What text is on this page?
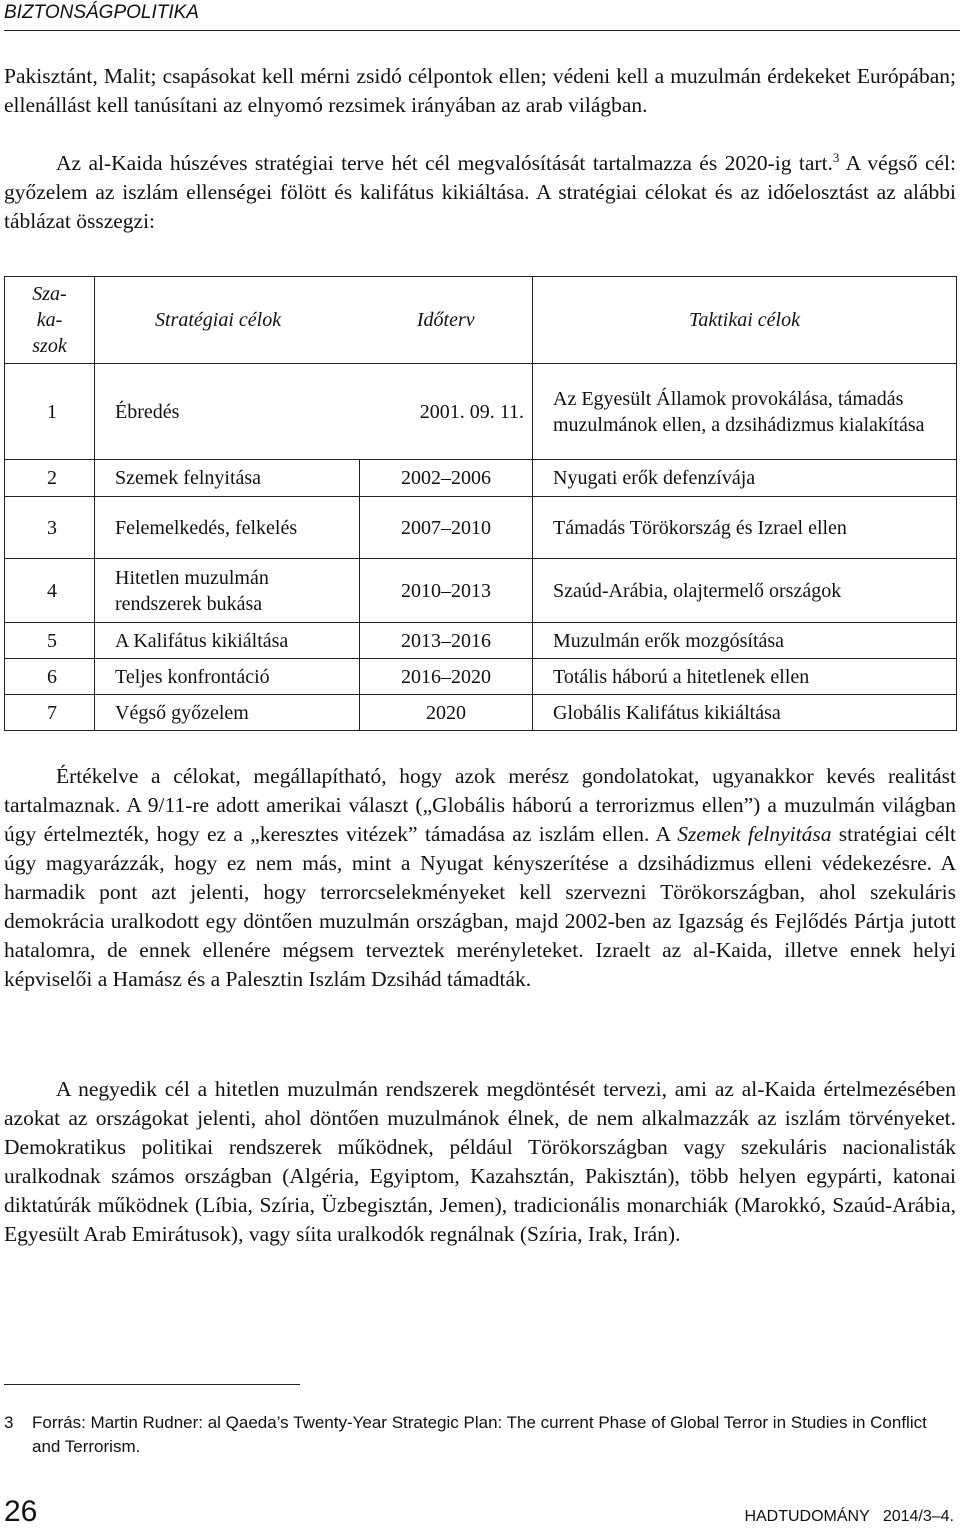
BIZTONSÁGPOLITIKA
Pakisztánt, Malit; csapásokat kell mérni zsidó célpontok ellen; védeni kell a muzulmán érdekeket Európában; ellenállást kell tanúsítani az elnyomó rezsimek irányában az arab világban.
Az al-Kaida húszéves stratégiai terve hét cél megvalósítását tartalmazza és 2020-ig tart.$^3$ A végső cél: győzelem az iszlám ellenségei fölött és kalifátus kikiáltása. A stratégiai célokat és az időelosztást az alábbi táblázat összegzi:
Sza-
ka-
szok	Stratégiai célok	Időterv	Taktikai célok
1	Ébredés	2001. 09. 11.	Az Egyesült Államok provokálása, támadás muzulmánok ellen, a dzsihádizmus kialakítása
2	Szemek felnyitása	2002–2006	Nyugati erők defenzívája
3	Felemelkedés, felkelés	2007–2010	Támadás Törökország és Izrael ellen
4	Hitetlen muzulmán rendszerek bukása	2010–2013	Szaúd-Arábia, olajtermelő országok
5	A Kalifátus kikiáltása	2013–2016	Muzulmán erők mozgósítása
6	Teljes konfrontáció	2016–2020	Totális háború a hitetlenek ellen
7	Végső győzelem	2020	Globális Kalifátus kikiáltása
Értékelve a célokat, megállapítható, hogy azok merész gondolatokat, ugyanakkor kevés realitást tartalmaznak. A 9/11-re adott amerikai választ („Globális háború a terrorizmus ellen”) a muzulmán világban úgy értelmezték, hogy ez a „keresztes vitézek” támadása az iszlám ellen. A Szemek felnyitása stratégiai célt úgy magyarázzák, hogy ez nem más, mint a Nyugat kényszerítése a dzsihádizmus elleni védekezésre. A harmadik pont azt jelenti, hogy terrorcselekményeket kell szervezni Törökországban, ahol szekuláris demokrácia uralkodott egy döntően muzulmán országban, majd 2002-ben az Igazság és Fejlődés Pártja jutott hatalomra, de ennek ellenére mégsem terveztek merényleteket. Izraelt az al-Kaida, illetve ennek helyi képviselői a Hamász és a Palesztin Iszlám Dzsihád támadták.
A negyedik cél a hitetlen muzulmán rendszerek megdöntését tervezi, ami az al-Kaida értelmezésében azokat az országokat jelenti, ahol döntően muzulmánok élnek, de nem alkalmazzák az iszlám törvényeket. Demokratikus politikai rendszerek működnek, például Törökországban vagy szekuláris nacionalisták uralkodnak számos országban (Algéria, Egyiptom, Kazahsztán, Pakisztán), több helyen egypárti, katonai diktatúrák működnek (Líbia, Szíria, Üzbegisztán, Jemen), tradicionális monarchiák (Marokkó, Szaúd-Arábia, Egyesült Arab Emirátusok), vagy síita uralkodók regnálnak (Szíria, Irak, Irán).
3 Forrás: Martin Rudner: al Qaeda’s Twenty-Year Strategic Plan: The current Phase of Global Terror in Studies in Conflict and Terrorism.
26	HADTUDOMÁNY   2014/3–4.
